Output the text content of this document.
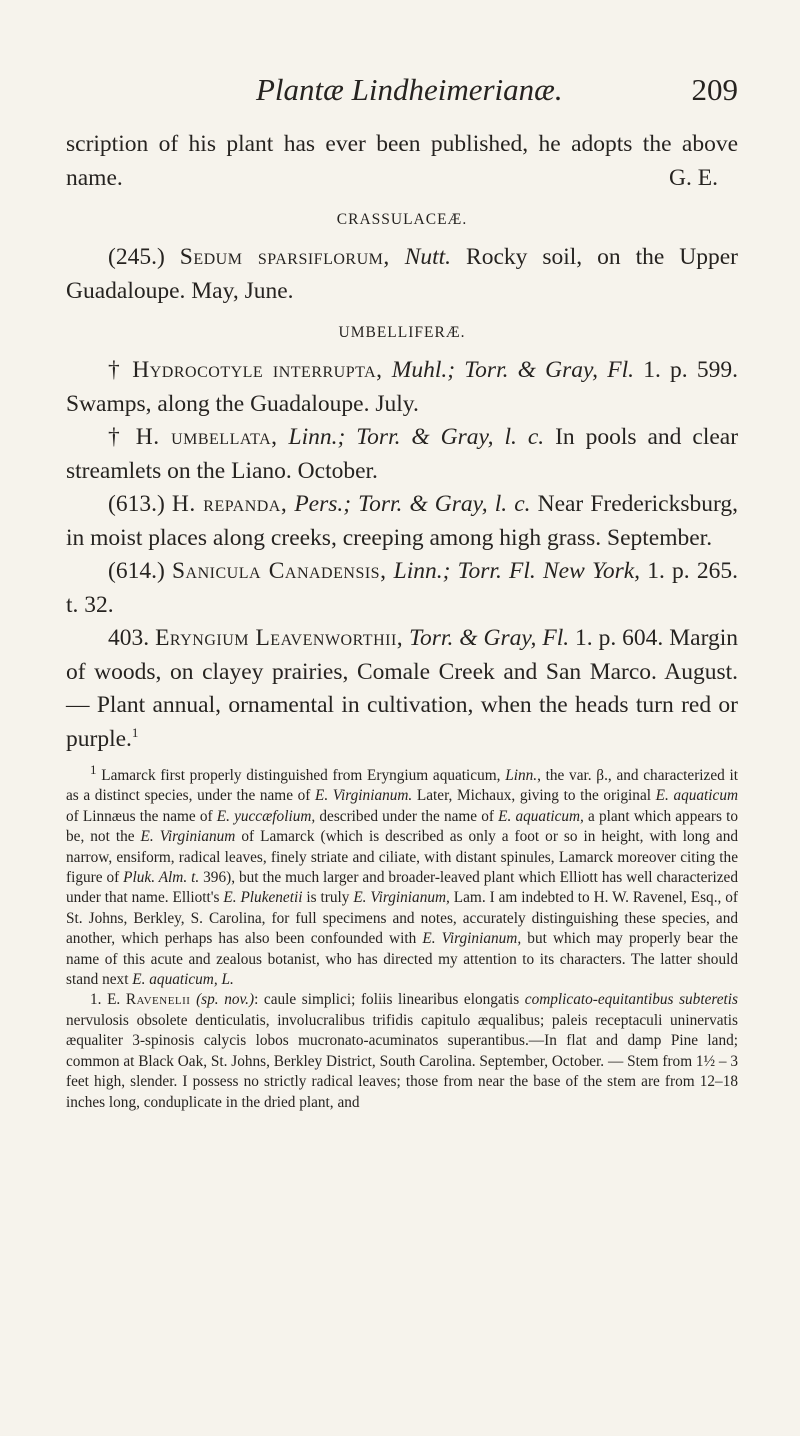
Plantæ Lindheimerianæ.	209

scription of his plant has ever been published, he adopts the above name.	G. E.

CRASSULACEÆ.

(245.) Sedum sparsiflorum, Nutt. Rocky soil, on the Upper Guadaloupe. May, June.

UMBELLIFERÆ.

† Hydrocotyle interrupta, Muhl.; Torr. & Gray, Fl. 1. p. 599. Swamps, along the Guadaloupe. July.

† H. umbellata, Linn.; Torr. & Gray, l. c. In pools and clear streamlets on the Liano. October.

(613.) H. repanda, Pers.; Torr. & Gray, l. c. Near Fredericksburg, in moist places along creeks, creeping among high grass. September.

(614.) Sanicula Canadensis, Linn.; Torr. Fl. New York, 1. p. 265. t. 32.

403. Eryngium Leavenworthii, Torr. & Gray, Fl. 1. p. 604. Margin of woods, on clayey prairies, Comale Creek and San Marco. August. — Plant annual, ornamental in cultivation, when the heads turn red or purple.$^1$

$^1$ Lamarck first properly distinguished from Eryngium aquaticum, Linn., the var. β., and characterized it as a distinct species, under the name of E. Virginianum. Later, Michaux, giving to the original E. aquaticum of Linnæus the name of E. yuccæfolium, described under the name of E. aquaticum, a plant which appears to be, not the E. Virginianum of Lamarck (which is described as only a foot or so in height, with long and narrow, ensiform, radical leaves, finely striate and ciliate, with distant spinules, Lamarck moreover citing the figure of Pluk. Alm. t. 396), but the much larger and broader-leaved plant which Elliott has well characterized under that name. Elliott's E. Plukenetii is truly E. Virginianum, Lam. I am indebted to H. W. Ravenel, Esq., of St. Johns, Berkley, S. Carolina, for full specimens and notes, accurately distinguishing these species, and another, which perhaps has also been confounded with E. Virginianum, but which may properly bear the name of this acute and zealous botanist, who has directed my attention to its characters. The latter should stand next E. aquaticum, L.

1. E. Ravenelii (sp. nov.): caule simplici; foliis linearibus elongatis complicato-equitantibus subteretis nervulosis obsolete denticulatis, involucralibus trifidis capitulo æqualibus; paleis receptaculi uninervatis æqualiter 3-spinosis calycis lobos mucronato-acuminatos superantibus.—In flat and damp Pine land; common at Black Oak, St. Johns, Berkley District, South Carolina. September, October. — Stem from 1½ – 3 feet high, slender. I possess no strictly radical leaves; those from near the base of the stem are from 12–18 inches long, conduplicate in the dried plant, and
